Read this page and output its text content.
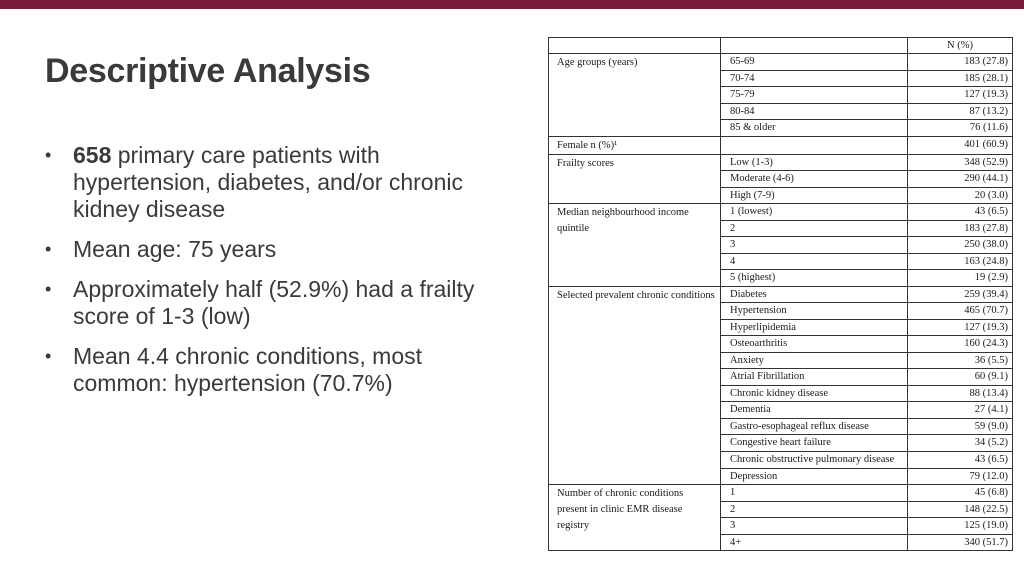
Descriptive Analysis
• 658 primary care patients with hypertension, diabetes, and/or chronic kidney disease
• Mean age: 75 years
• Approximately half (52.9%) had a frailty score of 1-3 (low)
• Mean 4.4 chronic conditions, most common: hypertension (70.7%)
		N (%)
Age groups (years)	65-69	183 (27.8)
	70-74	185 (28.1)
	75-79	127 (19.3)
	80-84	87 (13.2)
	85 & older	76 (11.6)
Female n (%)¹		401 (60.9)
Frailty scores	Low (1-3)	348 (52.9)
	Moderate (4-6)	290 (44.1)
	High (7-9)	20 (3.0)
Median neighbourhood income quintile	1 (lowest)	43 (6.5)
	2	183 (27.8)
	3	250 (38.0)
	4	163 (24.8)
	5 (highest)	19 (2.9)
Selected prevalent chronic conditions	Diabetes	259 (39.4)
	Hypertension	465 (70.7)
	Hyperlipidemia	127 (19.3)
	Osteoarthritis	160 (24.3)
	Anxiety	36 (5.5)
	Atrial Fibrillation	60 (9.1)
	Chronic kidney disease	88 (13.4)
	Dementia	27 (4.1)
	Gastro-esophageal reflux disease	59 (9.0)
	Congestive heart failure	34 (5.2)
	Chronic obstructive pulmonary disease	43 (6.5)
	Depression	79 (12.0)
Number of chronic conditions present in clinic EMR disease registry	1	45 (6.8)
	2	148 (22.5)
	3	125 (19.0)
	4+	340 (51.7)
